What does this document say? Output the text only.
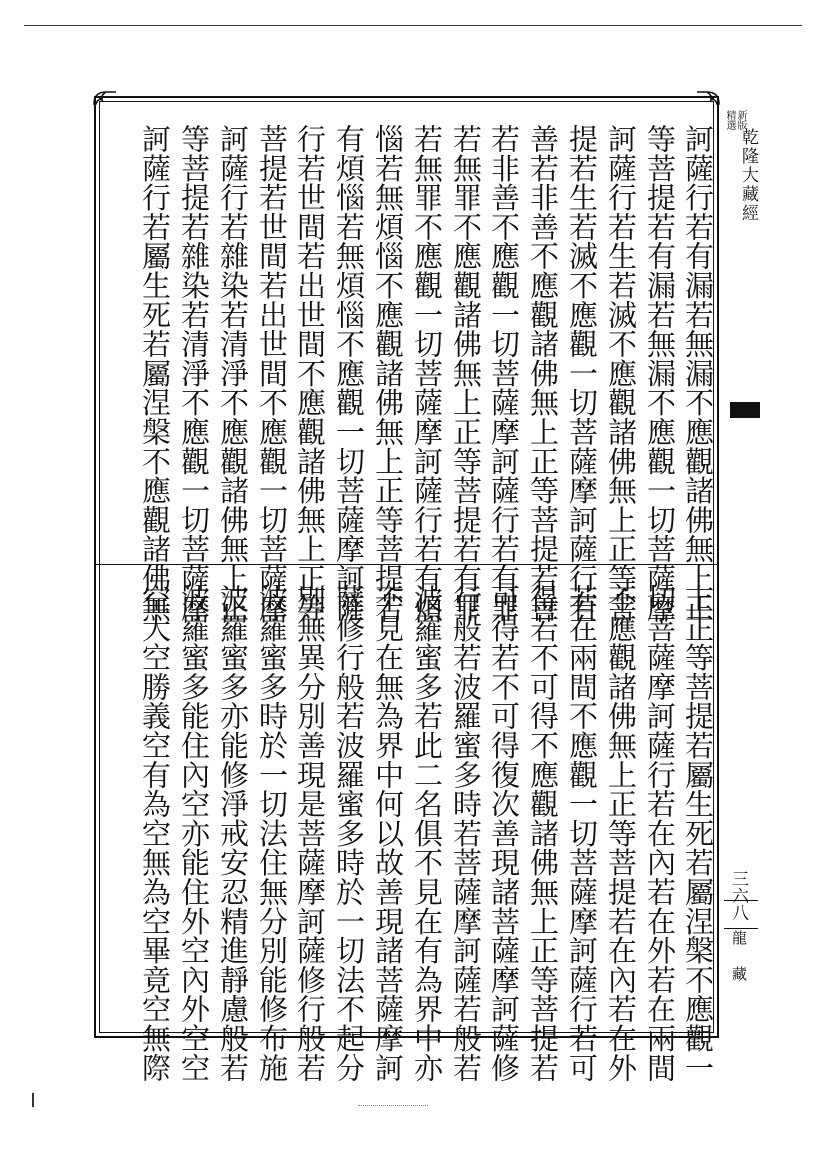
訶薩行若有漏若無漏不應觀諸佛無上正
等菩提若有漏若無漏不應觀一切菩薩摩
訶薩行若生若滅不應觀諸佛無上正等菩
提若生若滅不應觀一切菩薩摩訶薩行若
善若非善不應觀諸佛無上正等菩提若善
若非善不應觀一切菩薩摩訶薩行若有罪
若無罪不應觀諸佛無上正等菩提若有罪
若無罪不應觀一切菩薩摩訶薩行若有煩
惱若無煩惱不應觀諸佛無上正等菩提若
有煩惱若無煩惱不應觀一切菩薩摩訶薩
行若世間若出世間不應觀諸佛無上正等
菩提若世間若出世間不應觀一切菩薩摩
訶薩行若雜染若清淨不應觀諸佛無上正
等菩提若雜染若清淨不應觀一切菩薩摩
訶薩行若屬生死若屬涅槃不應觀諸佛無
上正等菩提若屬生死若屬涅槃不應觀一
切菩薩摩訶薩行若在內若在外若在兩間
不應觀諸佛無上正等菩提若在內若在外
若在兩間不應觀一切菩薩摩訶薩行若可
得若不可得不應觀諸佛無上正等菩提若
可得若不可得復次善現諸菩薩摩訶薩修
行般若波羅蜜多時若菩薩摩訶薩若般若
波羅蜜多若此二名俱不見在有為界中亦
不見在無為界中何以故善現諸菩薩摩訶
薩修行般若波羅蜜多時於一切法不起分
別無異分別善現是菩薩摩訶薩修行般若
波羅蜜多時於一切法住無分別能修布施
波羅蜜多亦能修淨戒安忍精進靜慮般若
波羅蜜多能住內空亦能住外空內外空空
空大空勝義空有為空無為空畢竟空無際
精選 新版
乾隆大藏經
三六八
龍
藏
